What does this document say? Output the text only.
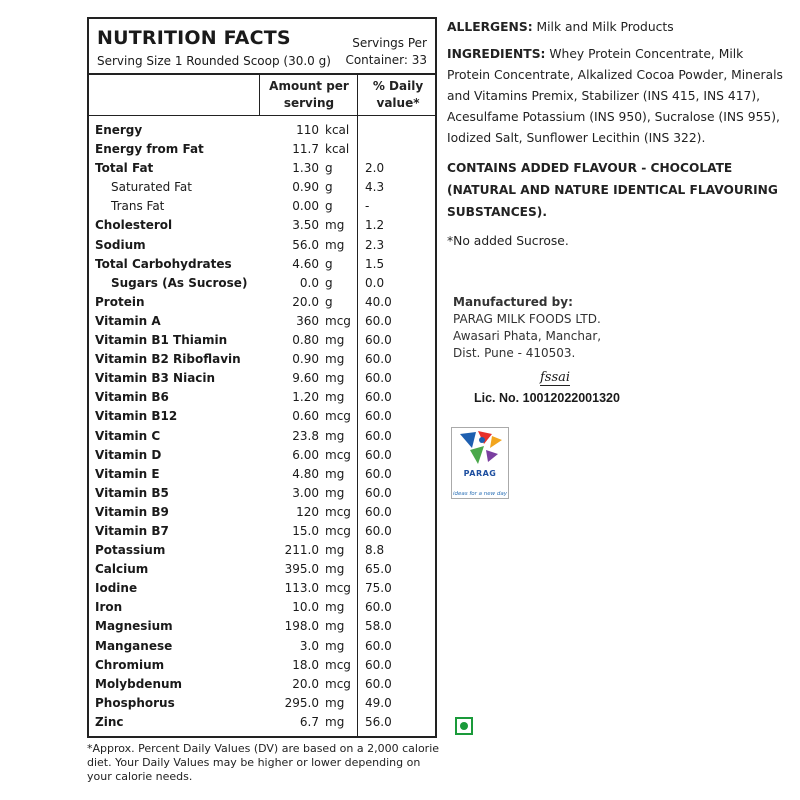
NUTRITION FACTS
Serving Size 1 Rounded Scoop (30.0 g)
Servings Per
Container: 33
Amount per
serving
% Daily
value*
Energy	110 kcal
Energy from Fat	11.7 kcal
Total Fat	1.30 g	2.0
Saturated Fat	0.90 g	4.3
Trans Fat	0.00 g	-
Cholesterol	3.50 mg 1.2
Sodium	56.0 mg 2.3
Total Carbohydrates	4.60 g	1.5
Sugars (As Sucrose)	0.0 g	0.0
Protein	20.0 g	40.0
Vitamin A	360 mcg 60.0
Vitamin B1 Thiamin	0.80 mg 60.0
Vitamin B2 Riboflavin	0.90 mg 60.0
Vitamin B3 Niacin	9.60 mg 60.0
Vitamin B6	1.20 mg 60.0
Vitamin B12	0.60 mcg 60.0
Vitamin C	23.8 mg 60.0
Vitamin D	6.00 mcg 60.0
Vitamin E	4.80 mg 60.0
Vitamin B5	3.00 mg 60.0
Vitamin B9	120 mcg 60.0
Vitamin B7	15.0 mcg 60.0
Potassium	211.0 mg 8.8
Calcium	395.0 mg 65.0
Iodine	113.0 mcg 75.0
Iron	10.0 mg 60.0
Magnesium	198.0 mg 58.0
Manganese	3.0 mg 60.0
Chromium	18.0 mcg 60.0
Molybdenum	20.0 mcg 60.0
Phosphorus	295.0 mg 49.0
Zinc	6.7 mg 56.0
*Approx. Percent Daily Values (DV) are based on a 2,000 calorie diet. Your Daily Values may be higher or lower depending on your calorie needs.
ALLERGENS: Milk and Milk Products
INGREDIENTS: Whey Protein Concentrate, Milk Protein Concentrate, Alkalized Cocoa Powder, Minerals and Vitamins Premix, Stabilizer (INS 415, INS 417), Acesulfame Potassium (INS 950), Sucralose (INS 955), Iodized Salt, Sunflower Lecithin (INS 322).
CONTAINS ADDED FLAVOUR - CHOCOLATE (NATURAL AND NATURE IDENTICAL FLAVOURING SUBSTANCES).
*No added Sucrose.
Manufactured by:
PARAG MILK FOODS LTD.
Awasari Phata, Manchar,
Dist. Pune - 410503.
fssai
Lic. No. 10012022001320
PARAG
ideas for a new day
